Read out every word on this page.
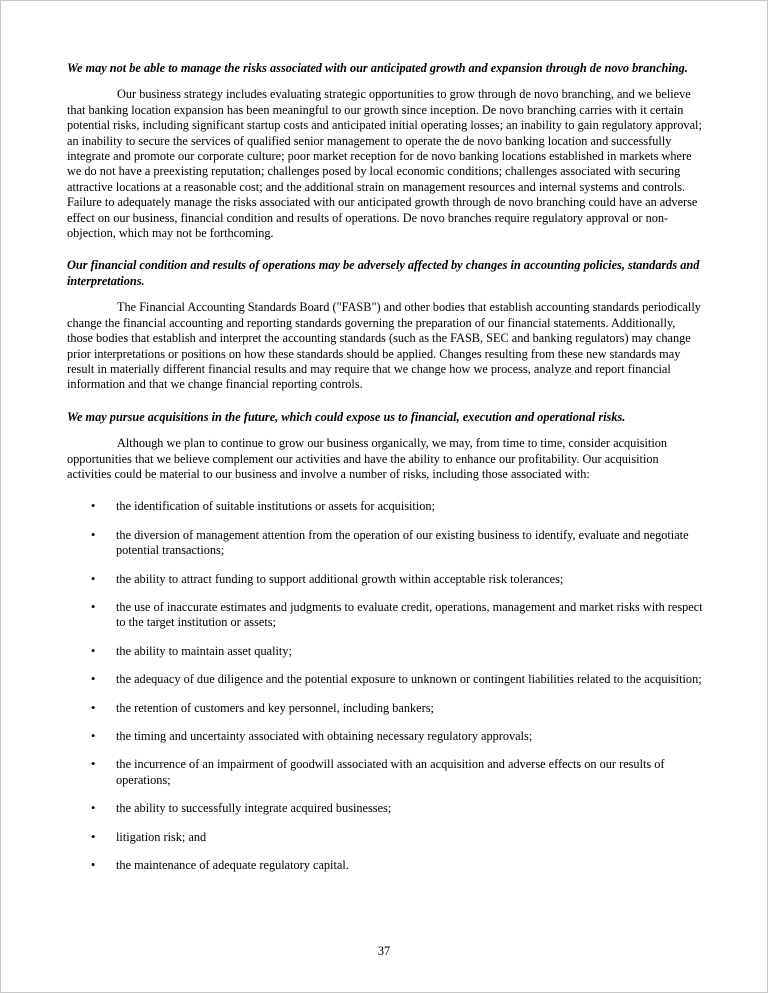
We may not be able to manage the risks associated with our anticipated growth and expansion through de novo branching.

Our business strategy includes evaluating strategic opportunities to grow through de novo branching, and we believe that banking location expansion has been meaningful to our growth since inception. De novo branching carries with it certain potential risks, including significant startup costs and anticipated initial operating losses; an inability to gain regulatory approval; an inability to secure the services of qualified senior management to operate the de novo banking location and successfully integrate and promote our corporate culture; poor market reception for de novo banking locations established in markets where we do not have a preexisting reputation; challenges posed by local economic conditions; challenges associated with securing attractive locations at a reasonable cost; and the additional strain on management resources and internal systems and controls. Failure to adequately manage the risks associated with our anticipated growth through de novo branching could have an adverse effect on our business, financial condition and results of operations. De novo branches require regulatory approval or non-objection, which may not be forthcoming.

Our financial condition and results of operations may be adversely affected by changes in accounting policies, standards and interpretations.

The Financial Accounting Standards Board ("FASB") and other bodies that establish accounting standards periodically change the financial accounting and reporting standards governing the preparation of our financial statements. Additionally, those bodies that establish and interpret the accounting standards (such as the FASB, SEC and banking regulators) may change prior interpretations or positions on how these standards should be applied. Changes resulting from these new standards may result in materially different financial results and may require that we change how we process, analyze and report financial information and that we change financial reporting controls.

We may pursue acquisitions in the future, which could expose us to financial, execution and operational risks.

Although we plan to continue to grow our business organically, we may, from time to time, consider acquisition opportunities that we believe complement our activities and have the ability to enhance our profitability. Our acquisition activities could be material to our business and involve a number of risks, including those associated with:

•	the identification of suitable institutions or assets for acquisition;
•	the diversion of management attention from the operation of our existing business to identify, evaluate and negotiate potential transactions;
•	the ability to attract funding to support additional growth within acceptable risk tolerances;
•	the use of inaccurate estimates and judgments to evaluate credit, operations, management and market risks with respect to the target institution or assets;
•	the ability to maintain asset quality;
•	the adequacy of due diligence and the potential exposure to unknown or contingent liabilities related to the acquisition;
•	the retention of customers and key personnel, including bankers;
•	the timing and uncertainty associated with obtaining necessary regulatory approvals;
•	the incurrence of an impairment of goodwill associated with an acquisition and adverse effects on our results of operations;
•	the ability to successfully integrate acquired businesses;
•	litigation risk; and
•	the maintenance of adequate regulatory capital.
37
